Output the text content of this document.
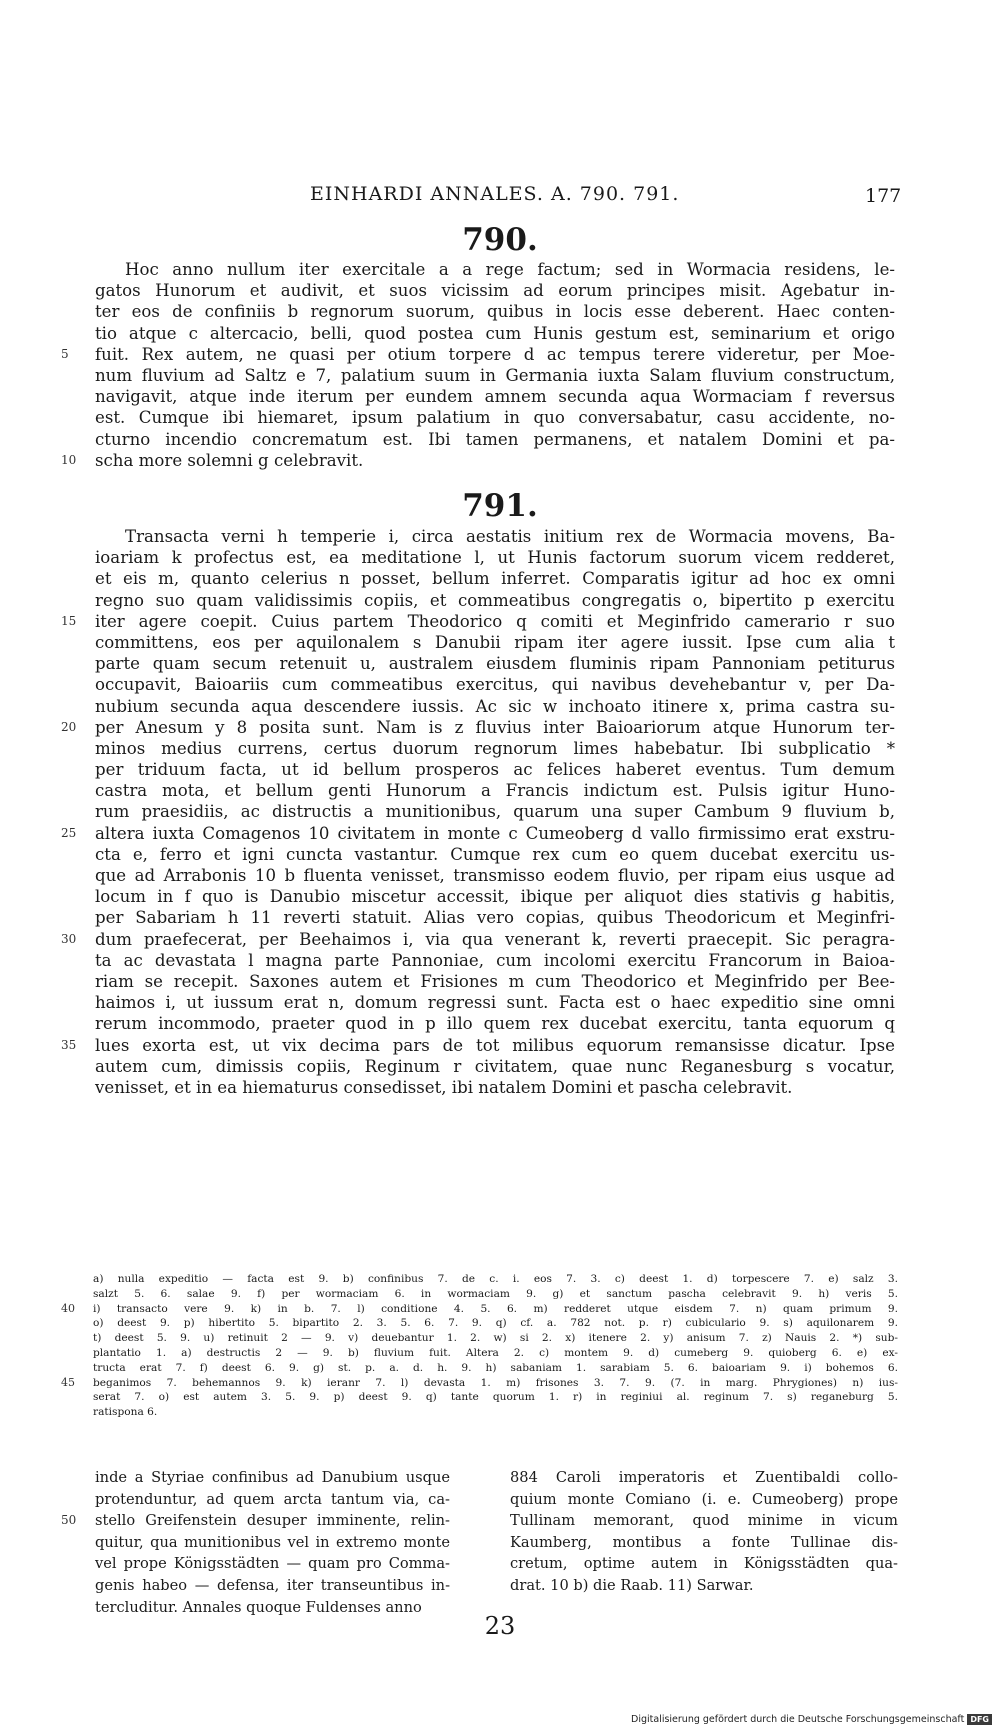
EINHARDI ANNALES. A. 790. 791.	177
790.
Hoc anno nullum iter exercitale a a rege factum; sed in Wormacia residens, le-
gatos Hunorum et audivit, et suos vicissim ad eorum principes misit. Agebatur in-
ter eos de confiniis b regnorum suorum, quibus in locis esse deberent. Haec conten-
tio atque c altercacio, belli, quod postea cum Hunis gestum est, seminarium et origo
5	fuit. Rex autem, ne quasi per otium torpere d ac tempus terere videretur, per Moe-
num fluvium ad Saltz e 7, palatium suum in Germania iuxta Salam fluvium constructum,
navigavit, atque inde iterum per eundem amnem secunda aqua Wormaciam f reversus
est. Cumque ibi hiemaret, ipsum palatium in quo conversabatur, casu accidente, no-
cturno incendio concrematum est. Ibi tamen permanens, et natalem Domini et pa-
10	scha more solemni g celebravit.
791.
Transacta verni h temperie i, circa aestatis initium rex de Wormacia movens, Ba-
ioariam k profectus est, ea meditatione l, ut Hunis factorum suorum vicem redderet,
et eis m, quanto celerius n posset, bellum inferret. Comparatis igitur ad hoc ex omni
regno suo quam validissimis copiis, et commeatibus congregatis o, bipertito p exercitu
15	iter agere coepit. Cuius partem Theodorico q comiti et Meginfrido camerario r suo
committens, eos per aquilonalem s Danubii ripam iter agere iussit. Ipse cum alia t
parte quam secum retenuit u, australem eiusdem fluminis ripam Pannoniam petiturus
occupavit, Baioariis cum commeatibus exercitus, qui navibus devehebantur v, per Da-
nubium secunda aqua descendere iussis. Ac sic w inchoato itinere x, prima castra su-
20	per Anesum y 8 posita sunt. Nam is z fluvius inter Baioariorum atque Hunorum ter-
minos medius currens, certus duorum regnorum limes habebatur. Ibi subplicatio *
per triduum facta, ut id bellum prosperos ac felices haberet eventus. Tum demum
castra mota, et bellum genti Hunorum a Francis indictum est. Pulsis igitur Huno-
rum praesidiis, ac distructis a munitionibus, quarum una super Cambum 9 fluvium b,
25	altera iuxta Comagenos 10 civitatem in monte c Cumeoberg d vallo firmissimo erat exstru-
cta e, ferro et igni cuncta vastantur. Cumque rex cum eo quem ducebat exercitu us-
que ad Arrabonis 10 b fluenta venisset, transmisso eodem fluvio, per ripam eius usque ad
locum in f quo is Danubio miscetur accessit, ibique per aliquot dies stativis g habitis,
per Sabariam h 11 reverti statuit. Alias vero copias, quibus Theodoricum et Meginfri-
30	dum praefecerat, per Beehaimos i, via qua venerant k, reverti praecepit. Sic peragra-
ta ac devastata l magna parte Pannoniae, cum incolomi exercitu Francorum in Baioa-
riam se recepit. Saxones autem et Frisiones m cum Theodorico et Meginfrido per Bee-
haimos i, ut iussum erat n, domum regressi sunt. Facta est o haec expeditio sine omni
rerum incommodo, praeter quod in p illo quem rex ducebat exercitu, tanta equorum q
35	lues exorta est, ut vix decima pars de tot milibus equorum remansisse dicatur. Ipse
autem cum, dimissis copiis, Reginum r civitatem, quae nunc Reganesburg s vocatur,
venisset, et in ea hiematurus consedisset, ibi natalem Domini et pascha celebravit.
a) nulla expeditio — facta est 9. b) confinibus 7. de c. i. eos 7. 3. c) deest 1. d) torpescere 7. e) salz 3.
salzt 5. 6. salae 9. f) per wormaciam 6. in wormaciam 9. g) et sanctum pascha celebravit 9. h) veris 5.
40	i) transacto vere 9. k) in b. 7. l) conditione 4. 5. 6. m) redderet utque eisdem 7. n) quam primum 9.
o) deest 9. p) hibertito 5. bipartito 2. 3. 5. 6. 7. 9. q) cf. a. 782 not. p. r) cubiculario 9. s) aquilonarem 9.
t) deest 5. 9. u) retinuit 2 — 9. v) deuebantur 1. 2. w) si 2. x) itenere 2. y) anisum 7. z) Nauis 2. *) sub-
plantatio 1. a) destructis 2 — 9. b) fluvium fuit. Altera 2. c) montem 9. d) cumeberg 9. quioberg 6. e) ex-
tructa erat 7. f) deest 6. 9. g) st. p. a. d. h. 9. h) sabaniam 1. sarabiam 5. 6. baioariam 9. i) bohemos 6.
45	beganimos 7. behemannos 9. k) ieranr 7. l) devasta 1. m) frisones 3. 7. 9. (7. in marg. Phrygiones) n) ius-
serat 7. o) est autem 3. 5. 9. p) deest 9. q) tante quorum 1. r) in reginiui al. reginum 7. s) reganeburg 5.
ratispona 6.
inde a Styriae confinibus ad Danubium usque
protenduntur, ad quem arcta tantum via, ca-
50	stello Greifenstein desuper imminente, relin-
quitur, qua munitionibus vel in extremo monte
vel prope Königsstädten — quam pro Comma-
genis habeo — defensa, iter transeuntibus in-
tercluditur. Annales quoque Fuldenses anno
884 Caroli imperatoris et Zuentibaldi collo-
quium monte Comiano (i. e. Cumeoberg) prope
Tullinam memorant, quod minime in vicum
Kaumberg, montibus a fonte Tullinae dis-
cretum, optime autem in Königsstädten qua-
drat. 10 b) die Raab. 11) Sarwar.
23
Digitalisierung gefördert durch die Deutsche Forschungsgemeinschaft DFG
